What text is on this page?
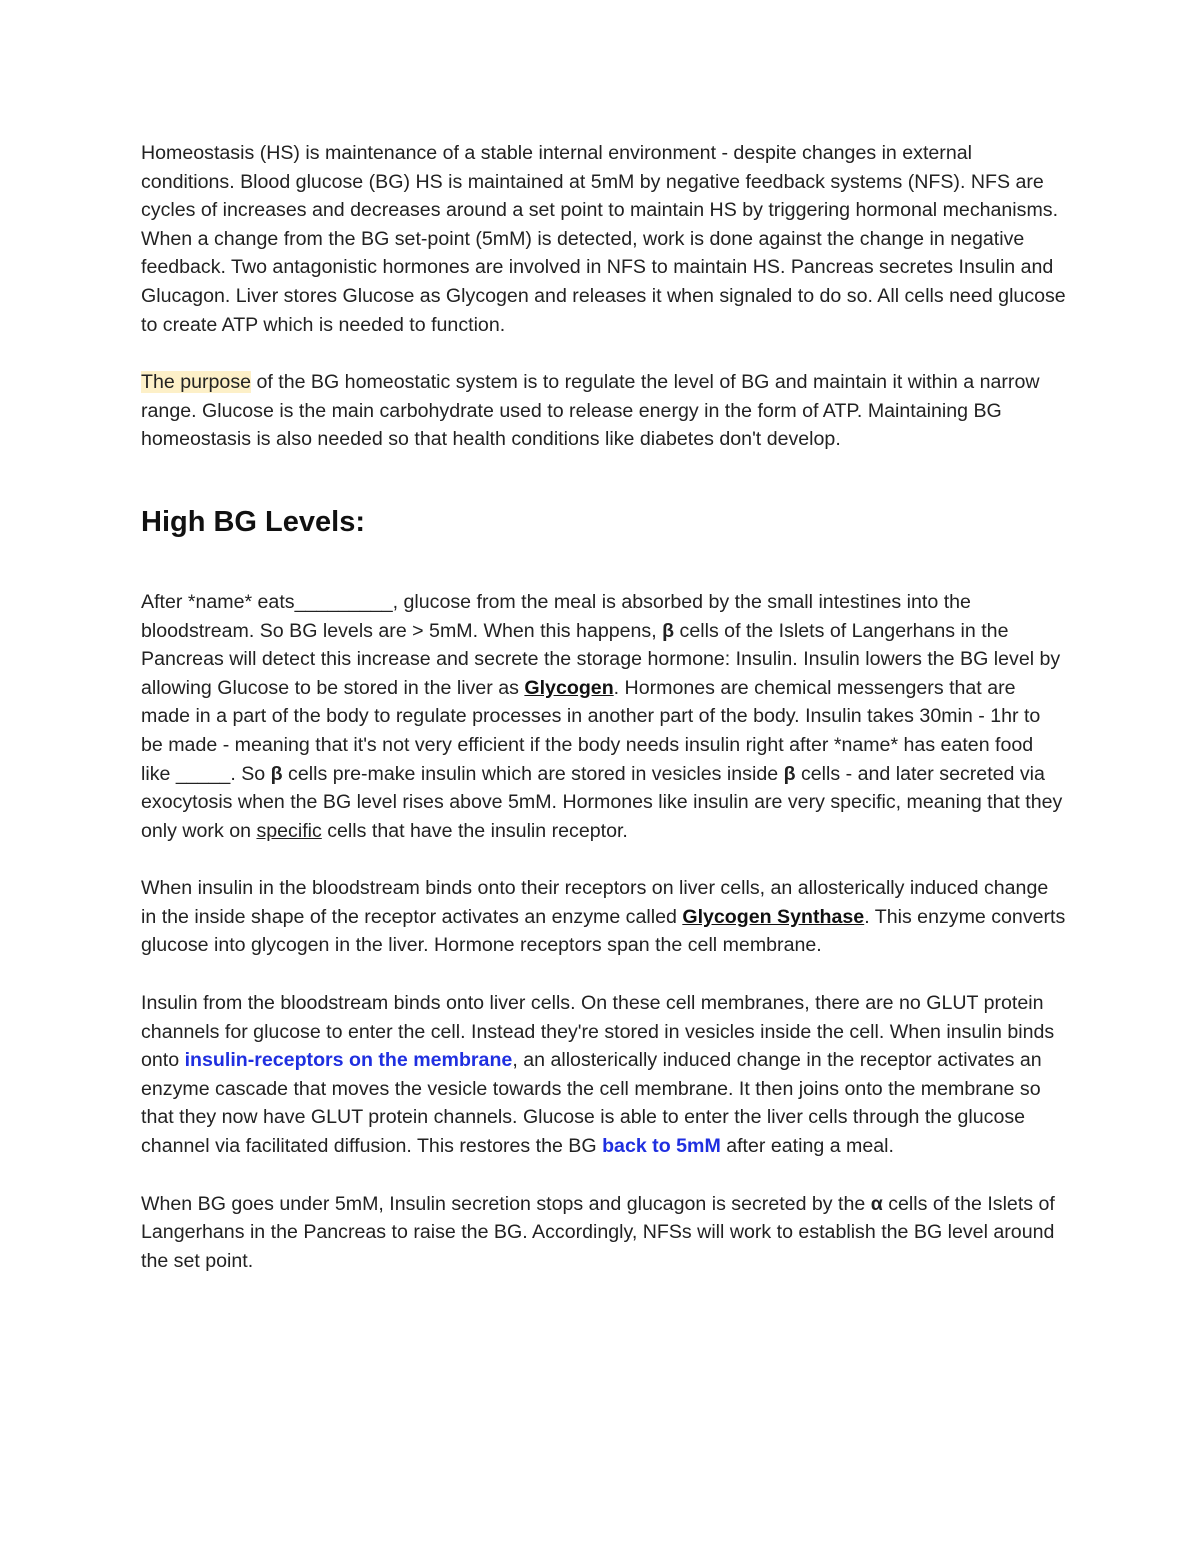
Homeostasis (HS) is maintenance of a stable internal environment - despite changes in external conditions. Blood glucose (BG) HS is maintained at 5mM by negative feedback systems (NFS). NFS are cycles of increases and decreases around a set point to maintain HS by triggering hormonal mechanisms. When a change from the BG set-point (5mM) is detected, work is done against the change in negative feedback. Two antagonistic hormones are involved in NFS to maintain HS. Pancreas secretes Insulin and Glucagon. Liver stores Glucose as Glycogen and releases it when signaled to do so. All cells need glucose to create ATP which is needed to function.

The purpose of the BG homeostatic system is to regulate the level of BG and maintain it within a narrow range. Glucose is the main carbohydrate used to release energy in the form of ATP. Maintaining BG homeostasis is also needed so that health conditions like diabetes don't develop.

High BG Levels:

After *name* eats_________, glucose from the meal is absorbed by the small intestines into the bloodstream. So BG levels are > 5mM. When this happens, β cells of the Islets of Langerhans in the Pancreas will detect this increase and secrete the storage hormone: Insulin. Insulin lowers the BG level by allowing Glucose to be stored in the liver as Glycogen. Hormones are chemical messengers that are made in a part of the body to regulate processes in another part of the body. Insulin takes 30min - 1hr to be made - meaning that it's not very efficient if the body needs insulin right after *name* has eaten food like _____. So β cells pre-make insulin which are stored in vesicles inside β cells - and later secreted via exocytosis when the BG level rises above 5mM. Hormones like insulin are very specific, meaning that they only work on specific cells that have the insulin receptor.

When insulin in the bloodstream binds onto their receptors on liver cells, an allosterically induced change in the inside shape of the receptor activates an enzyme called Glycogen Synthase. This enzyme converts glucose into glycogen in the liver. Hormone receptors span the cell membrane.

Insulin from the bloodstream binds onto liver cells. On these cell membranes, there are no GLUT protein channels for glucose to enter the cell. Instead they're stored in vesicles inside the cell. When insulin binds onto insulin-receptors on the membrane, an allosterically induced change in the receptor activates an enzyme cascade that moves the vesicle towards the cell membrane. It then joins onto the membrane so that they now have GLUT protein channels. Glucose is able to enter the liver cells through the glucose channel via facilitated diffusion. This restores the BG back to 5mM after eating a meal.

When BG goes under 5mM, Insulin secretion stops and glucagon is secreted by the α cells of the Islets of Langerhans in the Pancreas to raise the BG. Accordingly, NFSs will work to establish the BG level around the set point.
